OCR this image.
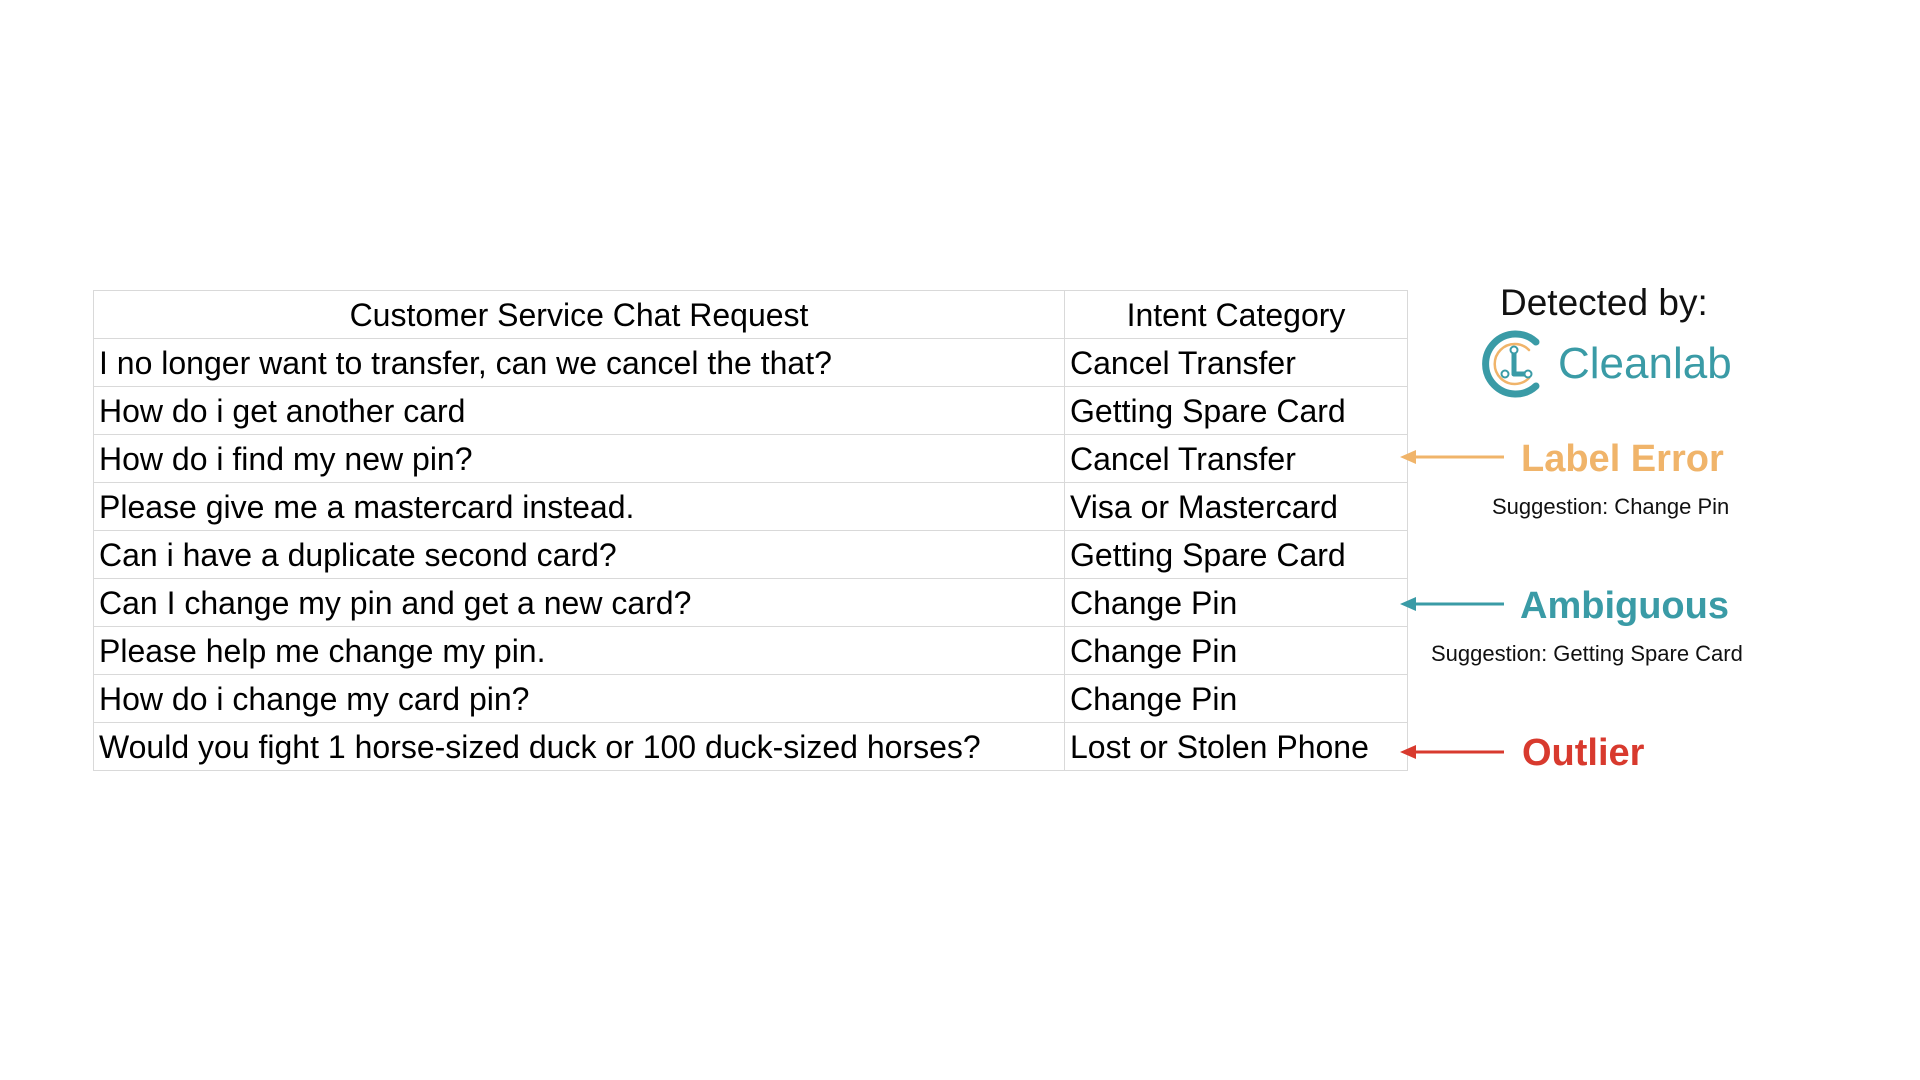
Customer Service Chat Request	Intent Category
I no longer want to transfer, can we cancel the that?	Cancel Transfer
How do i get another card	Getting Spare Card
How do i find my new pin?	Cancel Transfer
Please give me a mastercard instead.	Visa or Mastercard
Can i have a duplicate second card?	Getting Spare Card
Can I change my pin and get a new card?	Change Pin
Please help me change my pin.	Change Pin
How do i change my card pin?	Change Pin
Would you fight 1 horse-sized duck or 100 duck-sized horses?	Lost or Stolen Phone
Detected by:
Cleanlab
Label Error
Suggestion: Change Pin
Ambiguous
Suggestion: Getting Spare Card
Outlier
